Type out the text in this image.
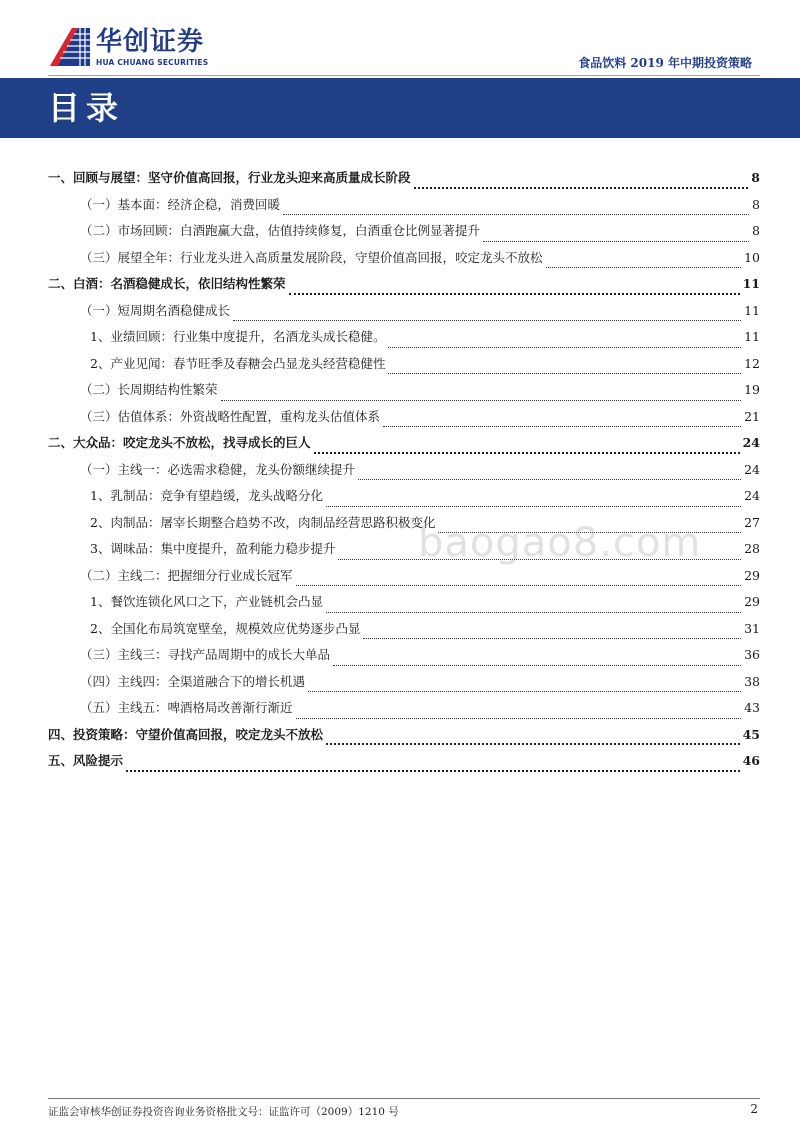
华创证券
HUA CHUANG SECURITIES	食品饮料 2019 年中期投资策略
目录
一、回顾与展望：坚守价值高回报，行业龙头迎来高质量成长阶段	8
（一）基本面：经济企稳，消费回暖	8
（二）市场回顾：白酒跑赢大盘，估值持续修复，白酒重仓比例显著提升	8
（三）展望全年：行业龙头进入高质量发展阶段，守望价值高回报，咬定龙头不放松	10
二、白酒：名酒稳健成长，依旧结构性繁荣	11
（一）短周期名酒稳健成长	11
1、业绩回顾：行业集中度提升，名酒龙头成长稳健。	11
2、产业见闻：春节旺季及春糖会凸显龙头经营稳健性	12
（二）长周期结构性繁荣	19
（三）估值体系：外资战略性配置，重构龙头估值体系	21
二、大众品：咬定龙头不放松，找寻成长的巨人	24
（一）主线一：必选需求稳健，龙头份额继续提升	24
1、乳制品：竞争有望趋缓，龙头战略分化	24
2、肉制品：屠宰长期整合趋势不改，肉制品经营思路积极变化	27
3、调味品：集中度提升，盈利能力稳步提升	28
（二）主线二：把握细分行业成长冠军	29
1、餐饮连锁化风口之下，产业链机会凸显	29
2、全国化布局筑宽壁垒，规模效应优势逐步凸显	31
（三）主线三：寻找产品周期中的成长大单品	36
（四）主线四：全渠道融合下的增长机遇	38
（五）主线五：啤酒格局改善渐行渐近	43
四、投资策略：守望价值高回报，咬定龙头不放松	45
五、风险提示	46
baogao8.com
证监会审核华创证券投资咨询业务资格批文号：证监许可（2009）1210 号	2
